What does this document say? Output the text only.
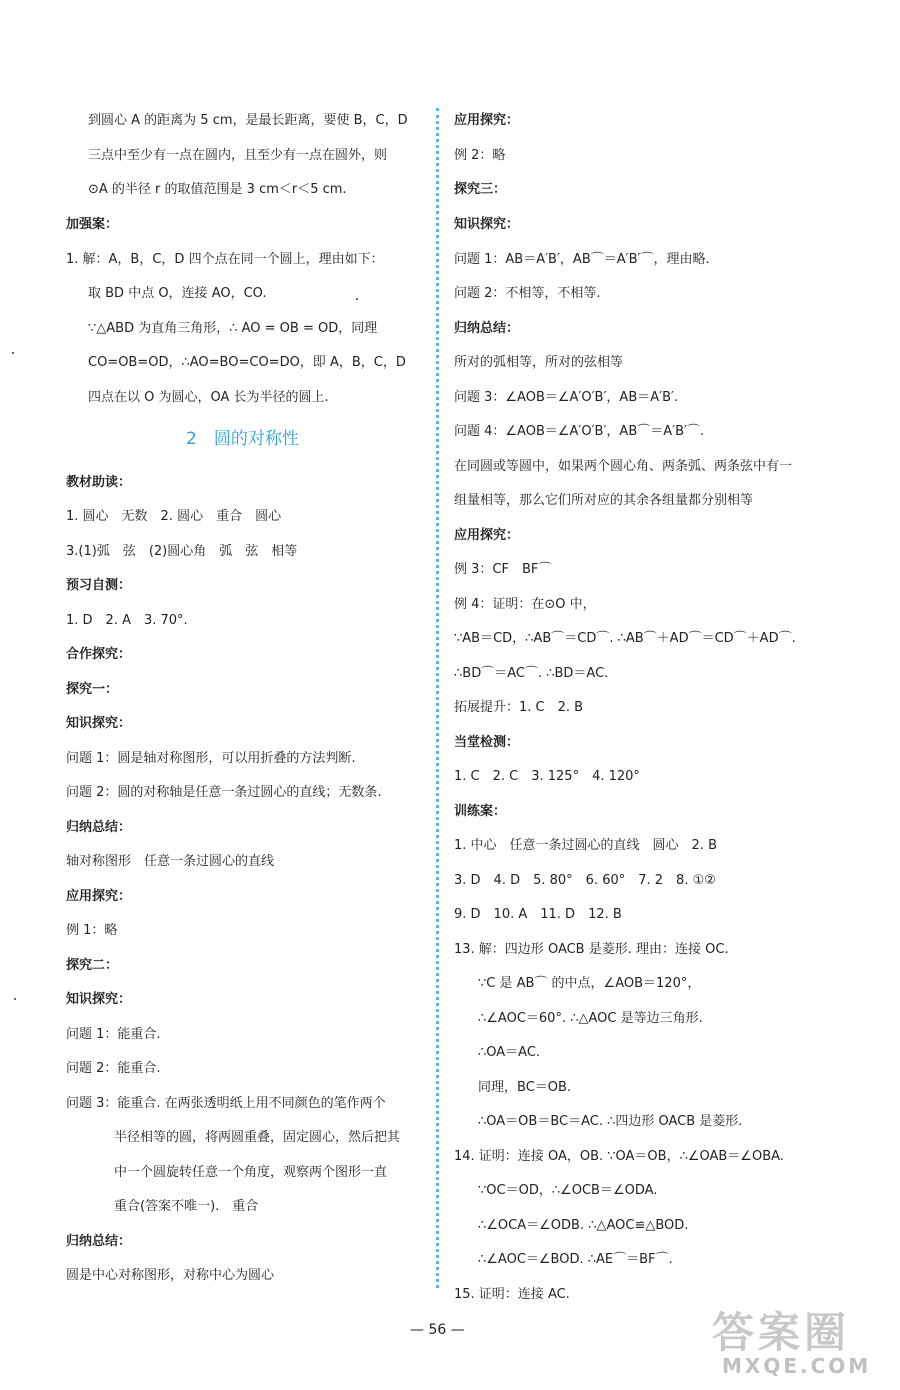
到圆心 A 的距离为 5 cm，是最长距离，要使 B，C，D
三点中至少有一点在圆内，且至少有一点在圆外，则
⊙A 的半径 r 的取值范围是 3 cm＜r＜5 cm.
加强案：
1. 解：A，B，C，D 四个点在同一个圆上，理由如下：
取 BD 中点 O，连接 AO，CO.
∵△ABD 为直角三角形，∴ AO = OB = OD，同理
CO=OB=OD，∴AO=BO=CO=DO，即 A，B，C，D
四点在以 O 为圆心，OA 长为半径的圆上.
教材助读：
1. 圆心　无数　2. 圆心　重合　圆心
3.(1)弧　弦　(2)圆心角　弧　弦　相等
预习自测：
1. D　2. A　3. 70°.
合作探究：
探究一：
知识探究：
问题 1：圆是轴对称图形，可以用折叠的方法判断.
问题 2：圆的对称轴是任意一条过圆心的直线；无数条.
归纳总结：
轴对称图形　任意一条过圆心的直线
应用探究：
例 1：略
探究二：
知识探究：
问题 1：能重合.
问题 2：能重合.
问题 3：能重合. 在两张透明纸上用不同颜色的笔作两个
半径相等的圆，将两圆重叠，固定圆心，然后把其
中一个圆旋转任意一个角度，观察两个图形一直
重合(答案不唯一).　重合
归纳总结：
圆是中心对称图形，对称中心为圆心
2　圆的对称性
应用探究：
例 2：略
探究三：
知识探究：
问题 1：AB＝A′B′，AB⌒＝A′B′⌒，理由略.
问题 2：不相等，不相等.
归纳总结：
所对的弧相等，所对的弦相等
问题 3：∠AOB＝∠A′O′B′，AB＝A′B′.
问题 4：∠AOB＝∠A′O′B′，AB⌒＝A′B′⌒.
在同圆或等圆中，如果两个圆心角、两条弧、两条弦中有一
组量相等，那么它们所对应的其余各组量都分别相等
应用探究：
例 3：CF　BF⌒
例 4：证明：在⊙O 中，
∵AB＝CD，∴AB⌒＝CD⌒. ∴AB⌒＋AD⌒＝CD⌒＋AD⌒.
∴BD⌒＝AC⌒. ∴BD＝AC.
拓展提升：1. C　2. B
当堂检测：
1. C　2. C　3. 125°　4. 120°
训练案：
1. 中心　任意一条过圆心的直线　圆心　2. B
3. D　4. D　5. 80°　6. 60°　7. 2　8. ①②
9. D　10. A　11. D　12. B
13. 解：四边形 OACB 是菱形. 理由：连接 OC.
∵C 是 AB⌒ 的中点，∠AOB＝120°，
∴∠AOC＝60°. ∴△AOC 是等边三角形.
∴OA＝AC.
同理，BC＝OB.
∴OA＝OB＝BC＝AC. ∴四边形 OACB 是菱形.
14. 证明：连接 OA，OB. ∵OA＝OB，∴∠OAB＝∠OBA.
∵OC＝OD，∴∠OCB＝∠ODA.
∴∠OCA＝∠ODB. ∴△AOC≌△BOD.
∴∠AOC＝∠BOD. ∴AE⌒＝BF⌒.
15. 证明：连接 AC.
— 56 —	答案圈
MXQE.COM
